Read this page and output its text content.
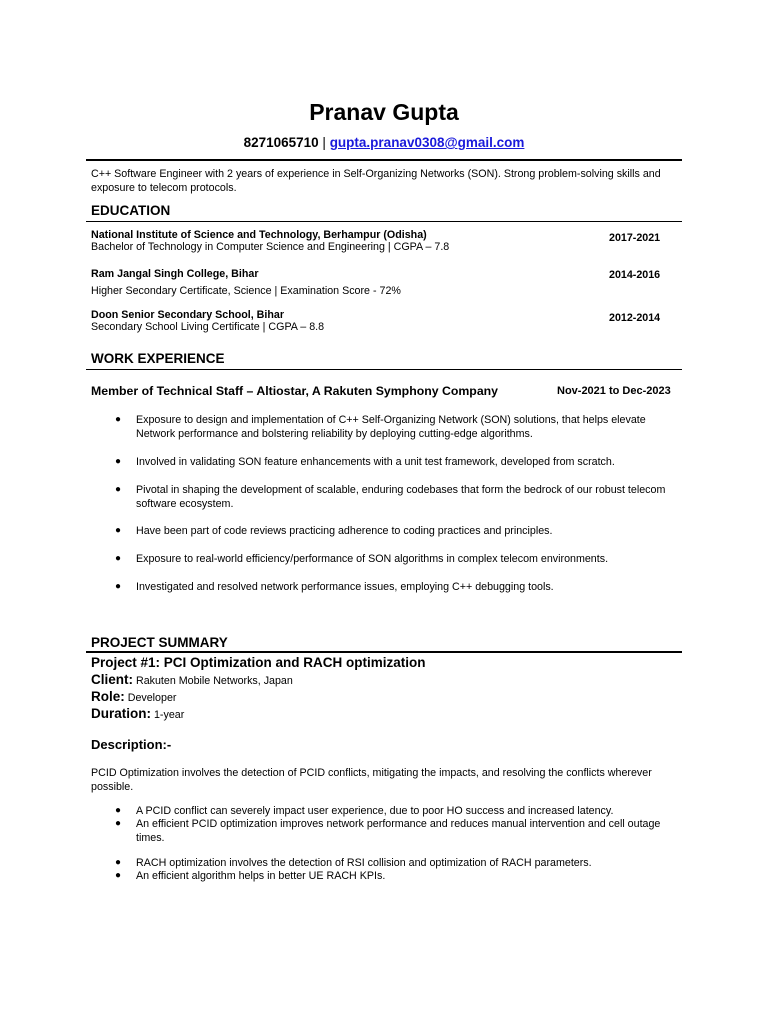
Pranav Gupta
8271065710 | gupta.pranav0308@gmail.com
C++ Software Engineer with 2 years of experience in Self-Organizing Networks (SON). Strong problem-solving skills and exposure to telecom protocols.
EDUCATION
National Institute of Science and Technology, Berhampur (Odisha)
Bachelor of Technology in Computer Science and Engineering | CGPA – 7.8
2017-2021
Ram Jangal Singh College, Bihar
Higher Secondary Certificate, Science | Examination Score - 72%
2014-2016
Doon Senior Secondary School, Bihar
Secondary School Living Certificate | CGPA – 8.8
2012-2014
WORK EXPERIENCE
Member of Technical Staff – Altiostar, A Rakuten Symphony Company	Nov-2021 to Dec-2023
● Exposure to design and implementation of C++ Self-Organizing Network (SON) solutions, that helps elevate Network performance and bolstering reliability by deploying cutting-edge algorithms.
● Involved in validating SON feature enhancements with a unit test framework, developed from scratch.
● Pivotal in shaping the development of scalable, enduring codebases that form the bedrock of our robust telecom software ecosystem.
● Have been part of code reviews practicing adherence to coding practices and principles.
● Exposure to real-world efficiency/performance of SON algorithms in complex telecom environments.
● Investigated and resolved network performance issues, employing C++ debugging tools.
PROJECT SUMMARY
Project #1: PCI Optimization and RACH optimization
Client: Rakuten Mobile Networks, Japan
Role: Developer
Duration: 1-year
Description:-
PCID Optimization involves the detection of PCID conflicts, mitigating the impacts, and resolving the conflicts wherever possible.
● A PCID conflict can severely impact user experience, due to poor HO success and increased latency.
● An efficient PCID optimization improves network performance and reduces manual intervention and cell outage times.
● RACH optimization involves the detection of RSI collision and optimization of RACH parameters.
● An efficient algorithm helps in better UE RACH KPIs.
